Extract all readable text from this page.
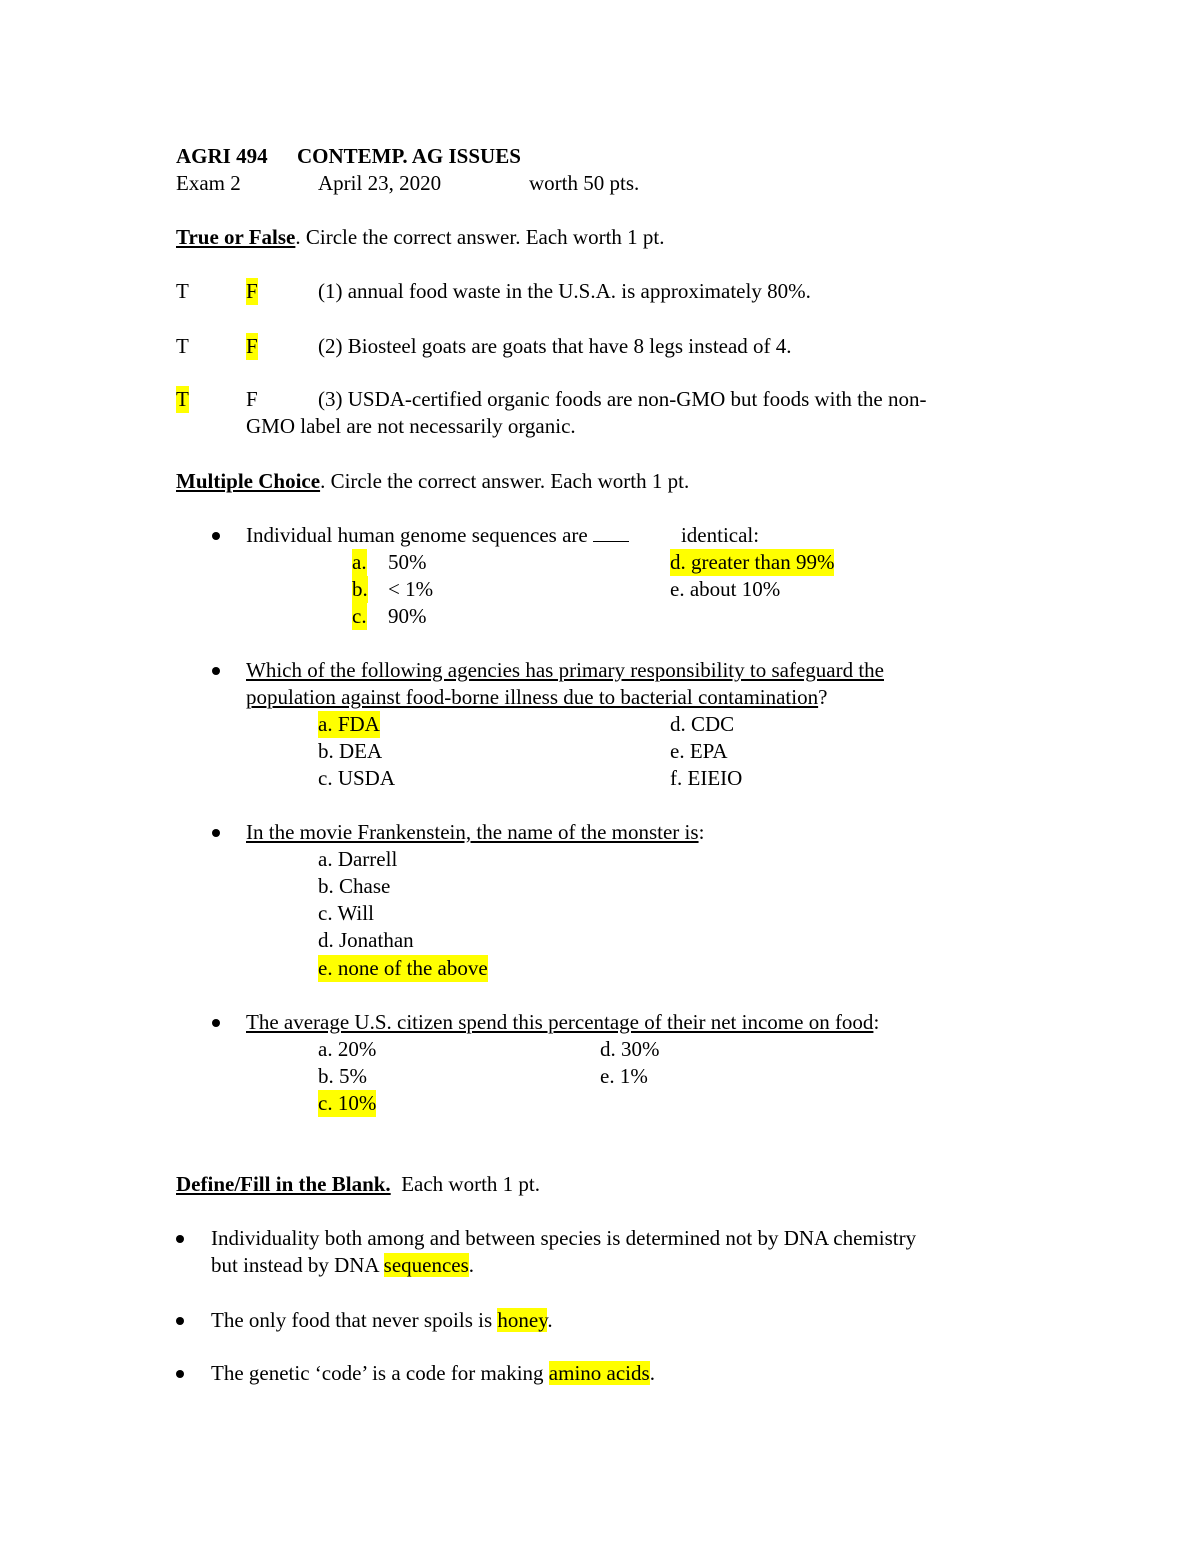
AGRI 494 CONTEMP. AG ISSUES
Exam 2	April 23, 2020	worth 50 pts.
True or False. Circle the correct answer. Each worth 1 pt.
T	F	(1) annual food waste in the U.S.A. is approximately 80%.
T	F	(2) Biosteel goats are goats that have 8 legs instead of 4.
T	F	(3) USDA-certified organic foods are non-GMO but foods with the non-
GMO label are not necessarily organic.
Multiple Choice. Circle the correct answer. Each worth 1 pt.
Individual human genome sequences are	identical:
a. 50%
b. < 1%
c. 90%
d. greater than 99%
e. about 10%
Which of the following agencies has primary responsibility to safeguard the
population against food-borne illness due to bacterial contamination?
a. FDA
b. DEA
c. USDA
d. CDC
e. EPA
f. EIEIO
In the movie Frankenstein, the name of the monster is:
a. Darrell
b. Chase
c. Will
d. Jonathan
e. none of the above
The average U.S. citizen spend this percentage of their net income on food:
a. 20%
b. 5%
c. 10%
d. 30%
e. 1%
Define/Fill in the Blank.  Each worth 1 pt.
Individuality both among and between species is determined not by DNA chemistry
but instead by DNA sequences.
The only food that never spoils is honey.
The genetic ‘code’ is a code for making amino acids.
